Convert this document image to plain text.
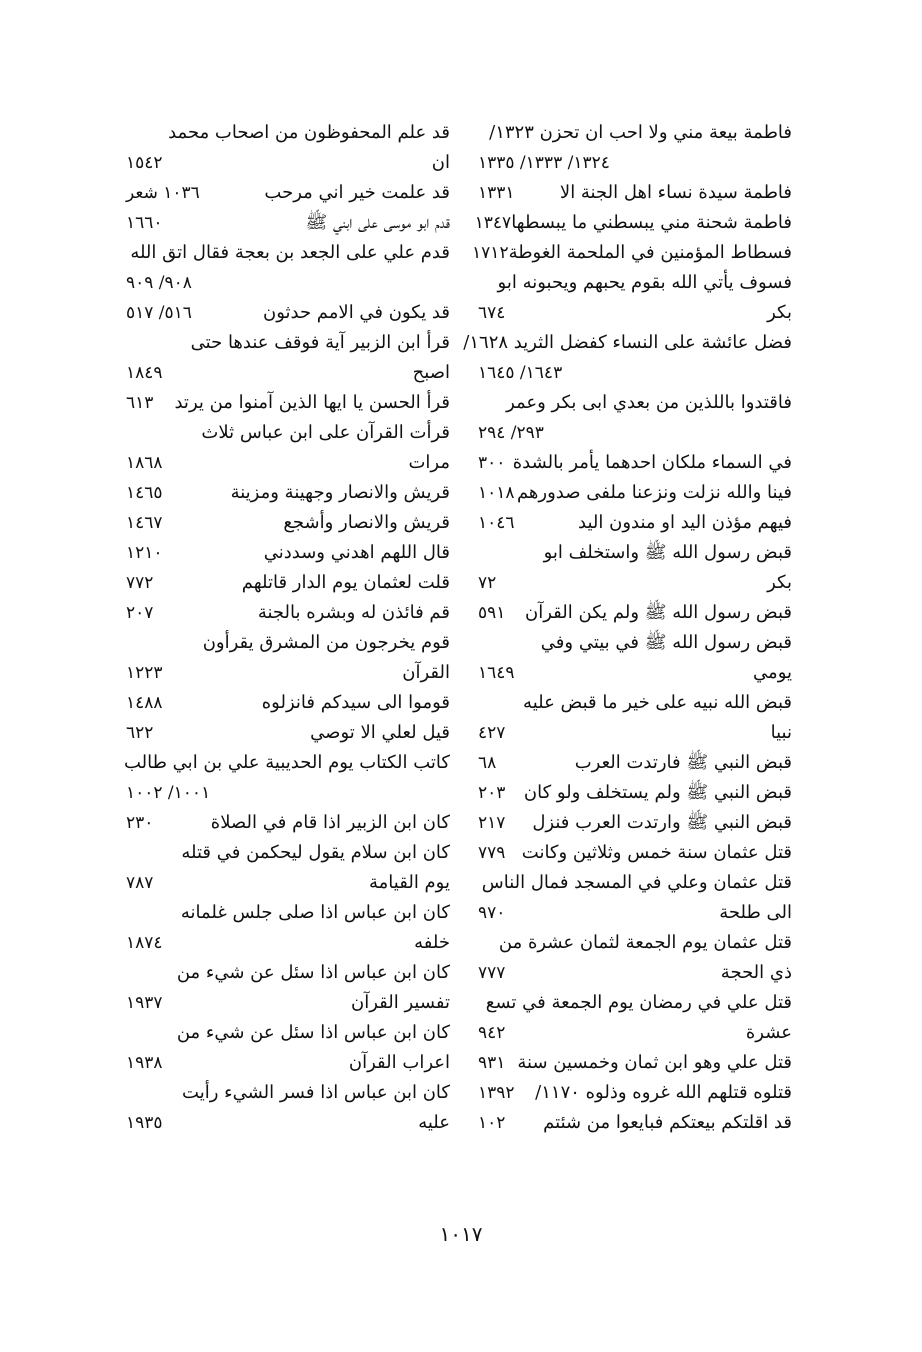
فاطمة بيعة مني ولا احب ان تحزن ١٣٢٣/
١٣٢٤/ ١٣٣٣/ ١٣٣٥
فاطمة سيدة نساء اهل الجنة الا
١٣٣١
فاطمة شحنة مني يبسطني ما يبسطها
١٣٤٧
فسطاط المؤمنين في الملحمة الغوطة
١٧١٢
فسوف يأتي الله بقوم يحبهم ويحبونه ابو
بكر
٦٧٤
فضل عائشة على النساء كفضل الثريد ١٦٢٨/
١٦٤٣/ ١٦٤٥
فاقتدوا باللذين من بعدي ابى بكر وعمر
٢٩٣/ ٢٩٤
في السماء ملكان احدهما يأمر بالشدة
٣٠٠
فينا والله نزلت ونزعنا ملفى صدورهم
١٠١٨
فيهم مؤذن اليد او مندون اليد
١٠٤٦
قبض رسول الله ﷺ واستخلف ابو
بكر
٧٢
قبض رسول الله ﷺ ولم يكن القرآن
٥٩١
قبض رسول الله ﷺ في بيتي وفي
يومي
١٦٤٩
قبض الله نبيه على خير ما قبض عليه
نبيا
٤٢٧
قبض النبي ﷺ فارتدت العرب
٦٨
قبض النبي ﷺ ولم يستخلف ولو كان
٢٠٣
قبض النبي ﷺ وارتدت العرب فنزل
٢١٧
قتل عثمان سنة خمس وثلاثين وكانت
٧٧٩
قتل عثمان وعلي في المسجد فمال الناس
الى طلحة
٩٧٠
قتل عثمان يوم الجمعة لثمان عشرة من
ذي الحجة
٧٧٧
قتل علي في رمضان يوم الجمعة في تسع
عشرة
٩٤٢
قتل علي وهو ابن ثمان وخمسين سنة
٩٣١
قتلوه قتلهم الله غروه وذلوه ١١٧٠/
١٣٩٢
قد اقلتكم بيعتكم فبايعوا من شئتم
١٠٢
قد علم المحفوظون من اصحاب محمد
ان
١٥٤٢
قد علمت خير اني مرحب
١٠٣٦ شعر
قدم ابو موسى على ابني ﷺ
١٦٦٠
قدم علي على الجعد بن بعجة فقال اتق الله
٩٠٨/ ٩٠٩
قد يكون في الامم حدثون
٥١٦/ ٥١٧
قرأ ابن الزبير آية فوقف عندها حتى
اصبح
١٨٤٩
قرأ الحسن يا ايها الذين آمنوا من يرتد
٦١٣
قرأت القرآن على ابن عباس ثلاث
مرات
١٨٦٨
قريش والانصار وجهينة ومزينة
١٤٦٥
قريش والانصار وأشجع
١٤٦٧
قال اللهم اهدني وسددني
١٢١٠
قلت لعثمان يوم الدار قاتلهم
٧٧٢
قم فائذن له وبشره بالجنة
٢٠٧
قوم يخرجون من المشرق يقرأون
القرآن
١٢٢٣
قوموا الى سيدكم فانزلوه
١٤٨٨
قيل لعلي الا توصي
٦٢٢
كاتب الكتاب يوم الحديبية علي بن ابي طالب
١٠٠١/ ١٠٠٢
كان ابن الزبير اذا قام في الصلاة
٢٣٠
كان ابن سلام يقول ليحكمن في قتله
يوم القيامة
٧٨٧
كان ابن عباس اذا صلى جلس غلمانه
خلفه
١٨٧٤
كان ابن عباس اذا سئل عن شيء من
تفسير القرآن
١٩٣٧
كان ابن عباس اذا سئل عن شيء من
اعراب القرآن
١٩٣٨
كان ابن عباس اذا فسر الشيء رأيت
عليه
١٩٣٥
١٠١٧
